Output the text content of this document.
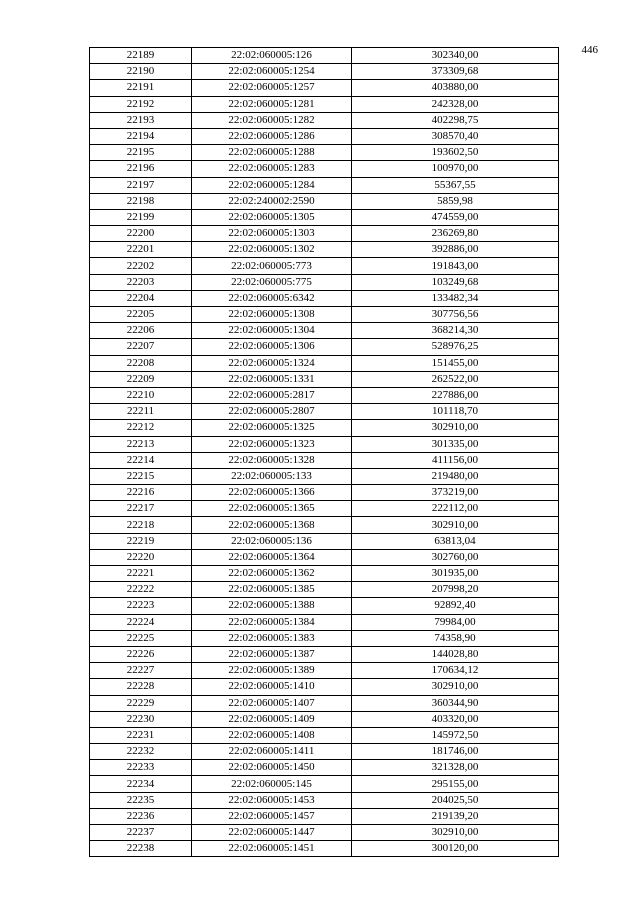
446
22189	22:02:060005:126	302340,00
22190	22:02:060005:1254	373309,68
22191	22:02:060005:1257	403880,00
22192	22:02:060005:1281	242328,00
22193	22:02:060005:1282	402298,75
22194	22:02:060005:1286	308570,40
22195	22:02:060005:1288	193602,50
22196	22:02:060005:1283	100970,00
22197	22:02:060005:1284	55367,55
22198	22:02:240002:2590	5859,98
22199	22:02:060005:1305	474559,00
22200	22:02:060005:1303	236269,80
22201	22:02:060005:1302	392886,00
22202	22:02:060005:773	191843,00
22203	22:02:060005:775	103249,68
22204	22:02:060005:6342	133482,34
22205	22:02:060005:1308	307756,56
22206	22:02:060005:1304	368214,30
22207	22:02:060005:1306	528976,25
22208	22:02:060005:1324	151455,00
22209	22:02:060005:1331	262522,00
22210	22:02:060005:2817	227886,00
22211	22:02:060005:2807	101118,70
22212	22:02:060005:1325	302910,00
22213	22:02:060005:1323	301335,00
22214	22:02:060005:1328	411156,00
22215	22:02:060005:133	219480,00
22216	22:02:060005:1366	373219,00
22217	22:02:060005:1365	222112,00
22218	22:02:060005:1368	302910,00
22219	22:02:060005:136	63813,04
22220	22:02:060005:1364	302760,00
22221	22:02:060005:1362	301935,00
22222	22:02:060005:1385	207998,20
22223	22:02:060005:1388	92892,40
22224	22:02:060005:1384	79984,00
22225	22:02:060005:1383	74358,90
22226	22:02:060005:1387	144028,80
22227	22:02:060005:1389	170634,12
22228	22:02:060005:1410	302910,00
22229	22:02:060005:1407	360344,90
22230	22:02:060005:1409	403320,00
22231	22:02:060005:1408	145972,50
22232	22:02:060005:1411	181746,00
22233	22:02:060005:1450	321328,00
22234	22:02:060005:145	295155,00
22235	22:02:060005:1453	204025,50
22236	22:02:060005:1457	219139,20
22237	22:02:060005:1447	302910,00
22238	22:02:060005:1451	300120,00
